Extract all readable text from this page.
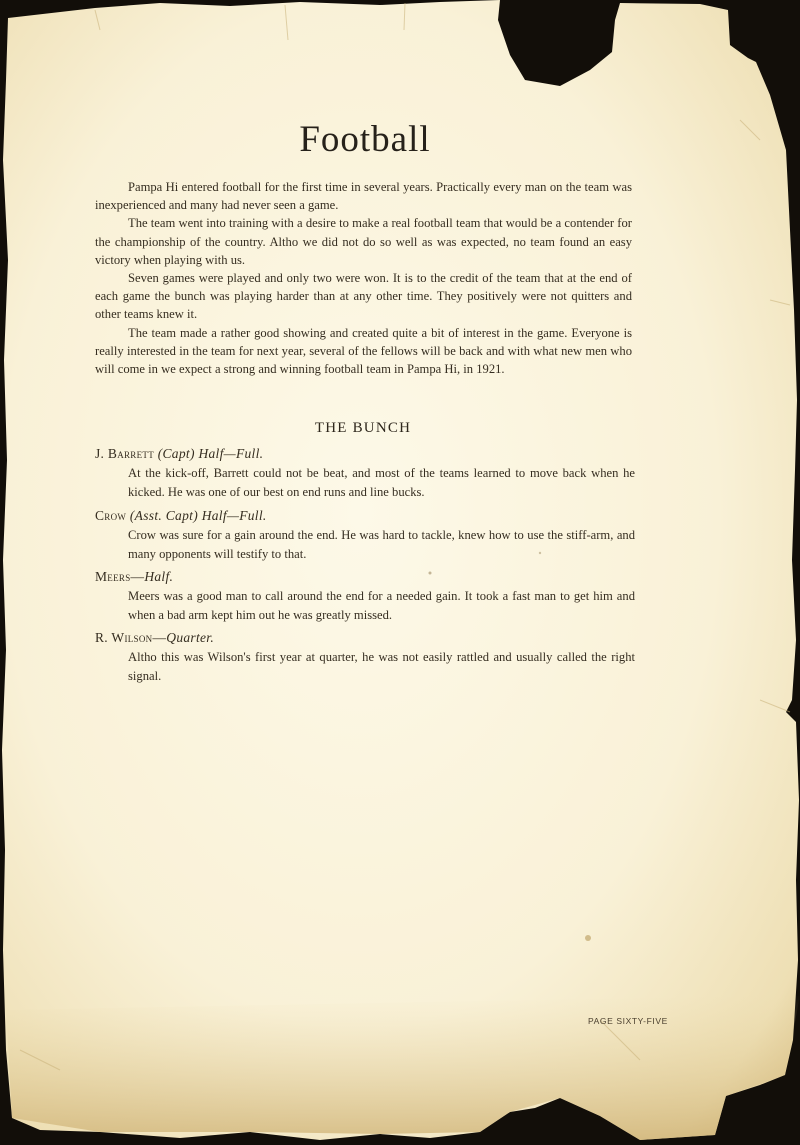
Football

Pampa Hi entered football for the first time in several years. Practically every man on the team was inexperienced and many had never seen a game.

The team went into training with a desire to make a real football team that would be a contender for the championship of the country. Altho we did not do so well as was expected, no team found an easy victory when playing with us.

Seven games were played and only two were won. It is to the credit of the team that at the end of each game the bunch was playing harder than at any other time. They positively were not quitters and other teams knew it.

The team made a rather good showing and created quite a bit of interest in the game. Everyone is really interested in the team for next year, several of the fellows will be back and with what new men who will come in we expect a strong and winning football team in Pampa Hi, in 1921.

THE BUNCH

J. Barrett (Capt) Half—Full.

At the kick-off, Barrett could not be beat, and most of the teams learned to move back when he kicked. He was one of our best on end runs and line bucks.

Crow (Asst. Capt) Half—Full.

Crow was sure for a gain around the end. He was hard to tackle, knew how to use the stiff-arm, and many opponents will testify to that.

Meers—Half.

Meers was a good man to call around the end for a needed gain. It took a fast man to get him and when a bad arm kept him out he was greatly missed.

R. Wilson—Quarter.

Altho this was Wilson's first year at quarter, he was not easily rattled and usually called the right signal.

PAGE SIXTY-FIVE
